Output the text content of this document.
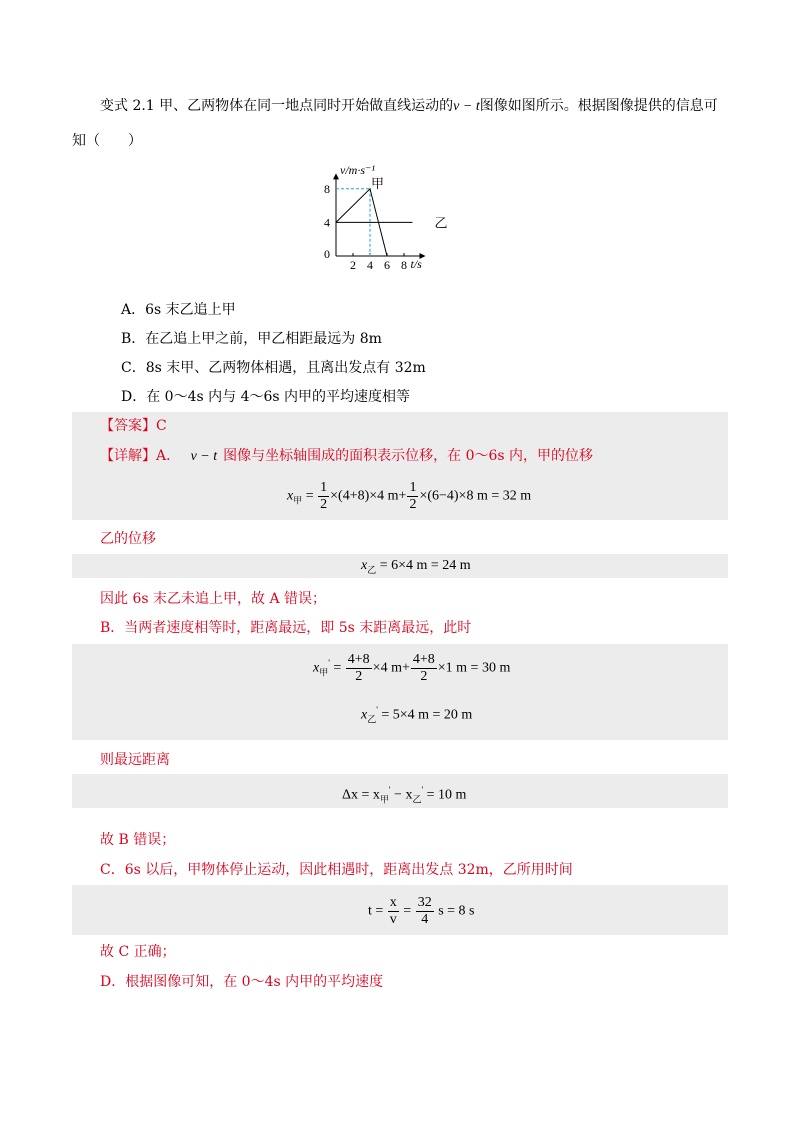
变式 2.1 甲、乙两物体在同一地点同时开始做直线运动的v − t图像如图所示。根据图像提供的信息可
知（　　）
v/m·s⁻¹
t/s
2 4 6 8
0
4
8	甲
乙
A．6s 末乙追上甲
B．在乙追上甲之前，甲乙相距最远为 8m
C．8s 末甲、乙两物体相遇，且离出发点有 32m
D．在 0～4s 内与 4～6s 内甲的平均速度相等
【答案】C
【详解】A． v − t 图像与坐标轴围成的面积表示位移，在 0～6s 内，甲的位移
$x_甲 = \frac{1}{2} \times(4+8)\times 4$ $m+ \frac{1}{2} \times(6-4)\times 8$ m = 32 m
乙的位移
$x_乙 = 6\times 4$ m = 24 m
因此 6s 末乙未追上甲，故 A 错误；
B．当两者速度相等时，距离最远，即 5s 末距离最远，此时
$x_甲' = \frac{4+8}{2} \times 4$ $m+ \frac{4+8}{2} \times 1$ m = 30 m
$x_乙' = 5\times 4$ m = 20 m
则最远距离
$\Delta x = x_甲' - x_乙' = 10$ m
故 B 错误；
C．6s 以后，甲物体停止运动，因此相遇时，距离出发点 32m，乙所用时间
$t = \frac{x}{v} = \frac{32}{4}$ s = 8 s
故 C 正确；
D．根据图像可知，在 0～4s 内甲的平均速度
